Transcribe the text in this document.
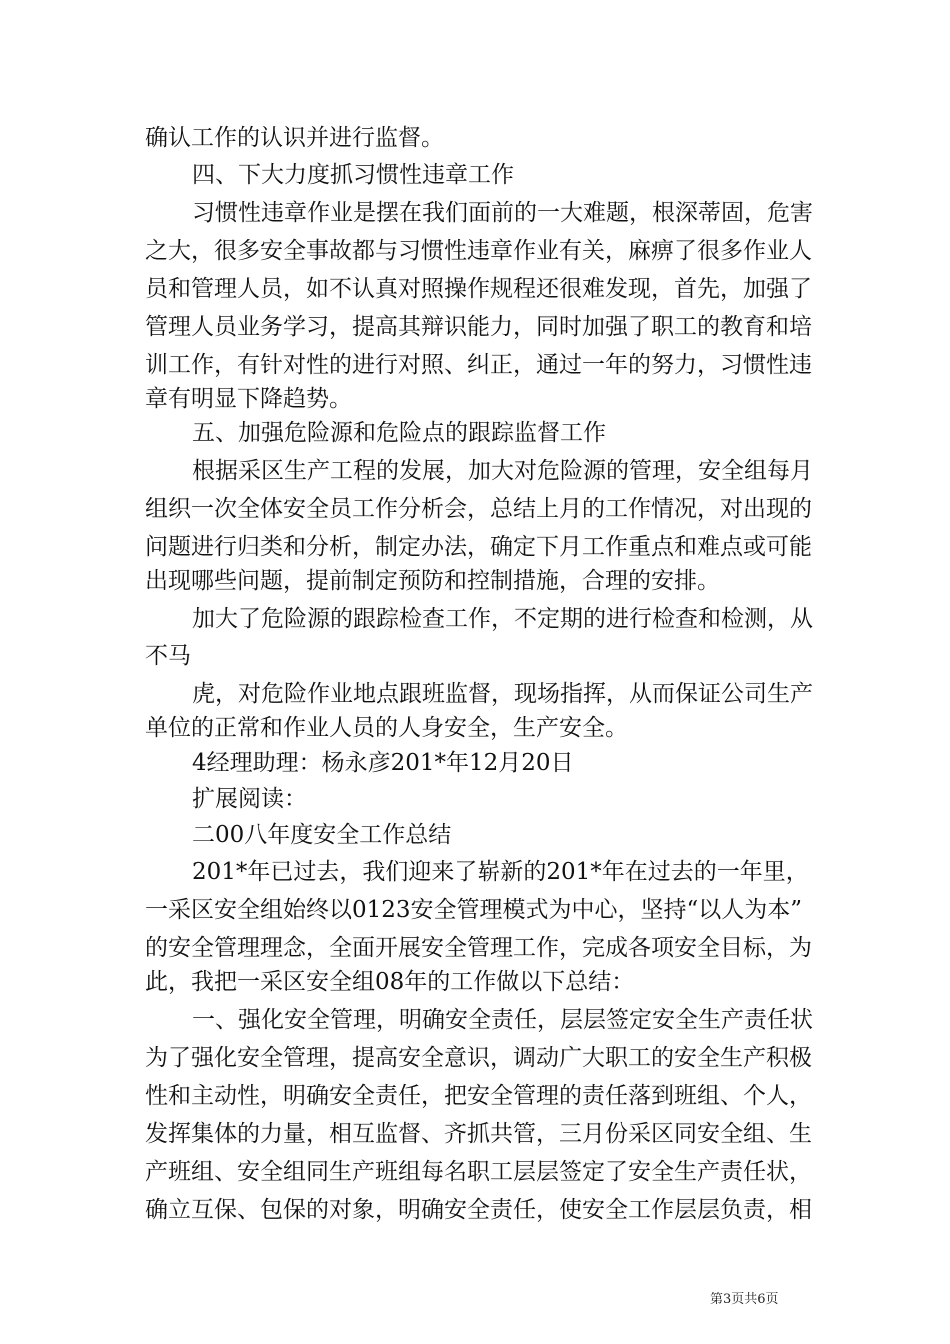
确认工作的认识并进行监督。
四、下大力度抓习惯性违章工作
习惯性违章作业是摆在我们面前的一大难题，根深蒂固，危害
之大，很多安全事故都与习惯性违章作业有关，麻痹了很多作业人
员和管理人员，如不认真对照操作规程还很难发现，首先，加强了
管理人员业务学习，提高其辩识能力，同时加强了职工的教育和培
训工作，有针对性的进行对照、纠正，通过一年的努力，习惯性违
章有明显下降趋势。
五、加强危险源和危险点的跟踪监督工作
根据采区生产工程的发展，加大对危险源的管理，安全组每月
组织一次全体安全员工作分析会，总结上月的工作情况，对出现的
问题进行归类和分析，制定办法，确定下月工作重点和难点或可能
出现哪些问题，提前制定预防和控制措施，合理的安排。
加大了危险源的跟踪检查工作，不定期的进行检查和检测，从
不马
虎，对危险作业地点跟班监督，现场指挥，从而保证公司生产
单位的正常和作业人员的人身安全，生产安全。
4经理助理：杨永彦201*年12月20日
扩展阅读：
二00八年度安全工作总结
201*年已过去，我们迎来了崭新的201*年在过去的一年里，
一采区安全组始终以0123安全管理模式为中心，坚持“以人为本”
的安全管理理念，全面开展安全管理工作，完成各项安全目标，为
此，我把一采区安全组08年的工作做以下总结：
一、强化安全管理，明确安全责任，层层签定安全生产责任状
为了强化安全管理，提高安全意识，调动广大职工的安全生产积极
性和主动性，明确安全责任，把安全管理的责任落到班组、个人，
发挥集体的力量，相互监督、齐抓共管，三月份采区同安全组、生
产班组、安全组同生产班组每名职工层层签定了安全生产责任状，
确立互保、包保的对象，明确安全责任，使安全工作层层负责，相
第3页共6页
